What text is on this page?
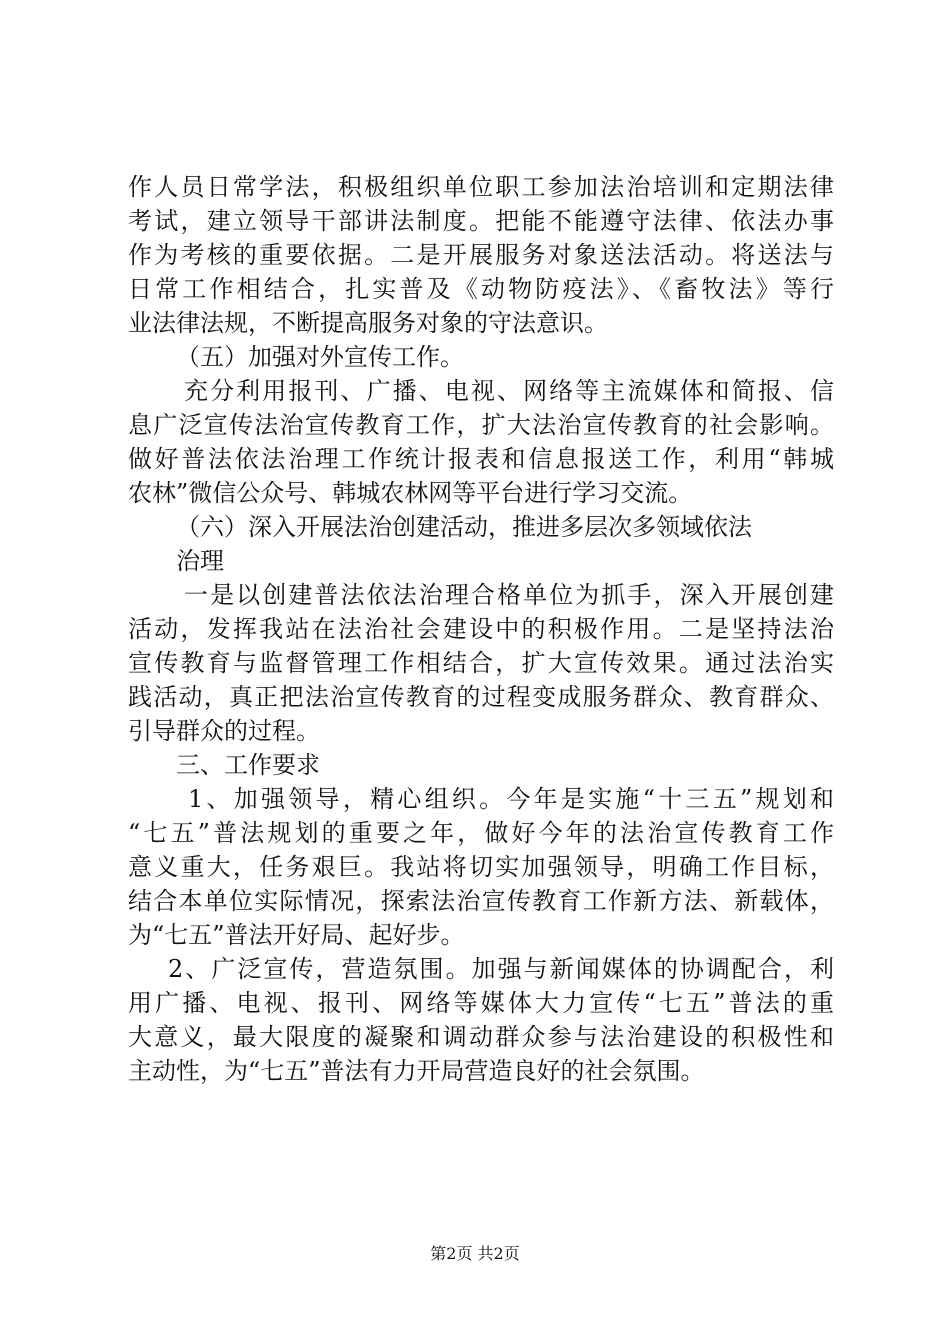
作人员日常学法，积极组织单位职工参加法治培训和定期法律
考试，建立领导干部讲法制度。把能不能遵守法律、依法办事
作为考核的重要依据。二是开展服务对象送法活动。将送法与
日常工作相结合，扎实普及《动物防疫法》、《畜牧法》等行
业法律法规，不断提高服务对象的守法意识。
（五）加强对外宣传工作。
充分利用报刊、广播、电视、网络等主流媒体和简报、信
息广泛宣传法治宣传教育工作，扩大法治宣传教育的社会影响。
做好普法依法治理工作统计报表和信息报送工作，利用“韩城
农林”微信公众号、韩城农林网等平台进行学习交流。
（六）深入开展法治创建活动，推进多层次多领域依法
治理
一是以创建普法依法治理合格单位为抓手，深入开展创建
活动，发挥我站在法治社会建设中的积极作用。二是坚持法治
宣传教育与监督管理工作相结合，扩大宣传效果。通过法治实
践活动，真正把法治宣传教育的过程变成服务群众、教育群众、
引导群众的过程。
三、工作要求
1、加强领导，精心组织。今年是实施“十三五”规划和
“七五”普法规划的重要之年，做好今年的法治宣传教育工作
意义重大，任务艰巨。我站将切实加强领导，明确工作目标，
结合本单位实际情况，探索法治宣传教育工作新方法、新载体，
为“七五”普法开好局、起好步。
2、广泛宣传，营造氛围。加强与新闻媒体的协调配合，利
用广播、电视、报刊、网络等媒体大力宣传“七五”普法的重
大意义，最大限度的凝聚和调动群众参与法治建设的积极性和
主动性，为“七五”普法有力开局营造良好的社会氛围。
第2页 共2页
